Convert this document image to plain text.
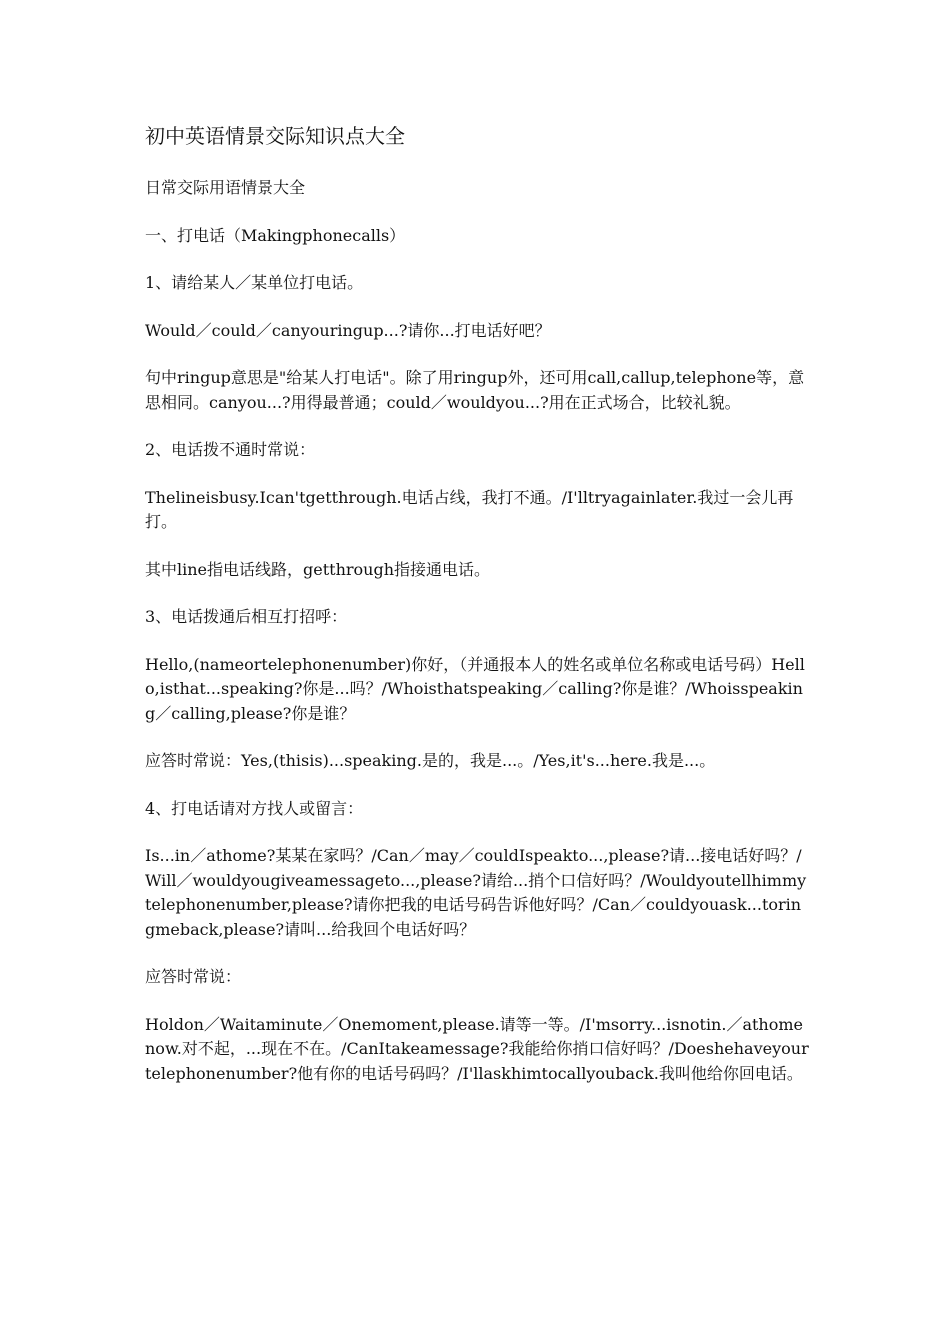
初中英语情景交际知识点大全
日常交际用语情景大全
一、打电话（Makingphonecalls）
1、请给某人／某单位打电话。
Would／could／canyouringup...?请你...打电话好吧？
句中ringup意思是"给某人打电话"。除了用ringup外，还可用call,callup,telephone等，意思相同。canyou...?用得最普通；could／wouldyou...?用在正式场合，比较礼貌。
2、电话拨不通时常说：
Thelineisbusy.Ican'tgetthrough.电话占线，我打不通。/I'lltryagainlater.我过一会儿再打。
其中line指电话线路，getthrough指接通电话。
3、电话拨通后相互打招呼：
Hello,(nameortelephonenumber)你好，（并通报本人的姓名或单位名称或电话号码）Hello,isthat...speaking?你是...吗？/Whoisthatspeaking／calling?你是谁？/Whoisspeaking／calling,please?你是谁？
应答时常说：Yes,(thisis)...speaking.是的，我是...。/Yes,it's...here.我是...。
4、打电话请对方找人或留言：
Is...in／athome?某某在家吗？/Can／may／couldIspeakto...,please?请...接电话好吗？/Will／wouldyougiveamessageto...,please?请给...捎个口信好吗？/Wouldyoutellhimmytelephonenumber,please?请你把我的电话号码告诉他好吗？/Can／couldyouask...toringmeback,please?请叫...给我回个电话好吗？
应答时常说：
Holdon／Waitaminute／Onemoment,please.请等一等。/I'msorry...isnotin.／athomenow.对不起，...现在不在。/CanItakeamessage?我能给你捎口信好吗？/Doeshehaveyourtelephonenumber?他有你的电话号码吗？/I'llaskhimtocallyouback.我叫他给你回电话。
